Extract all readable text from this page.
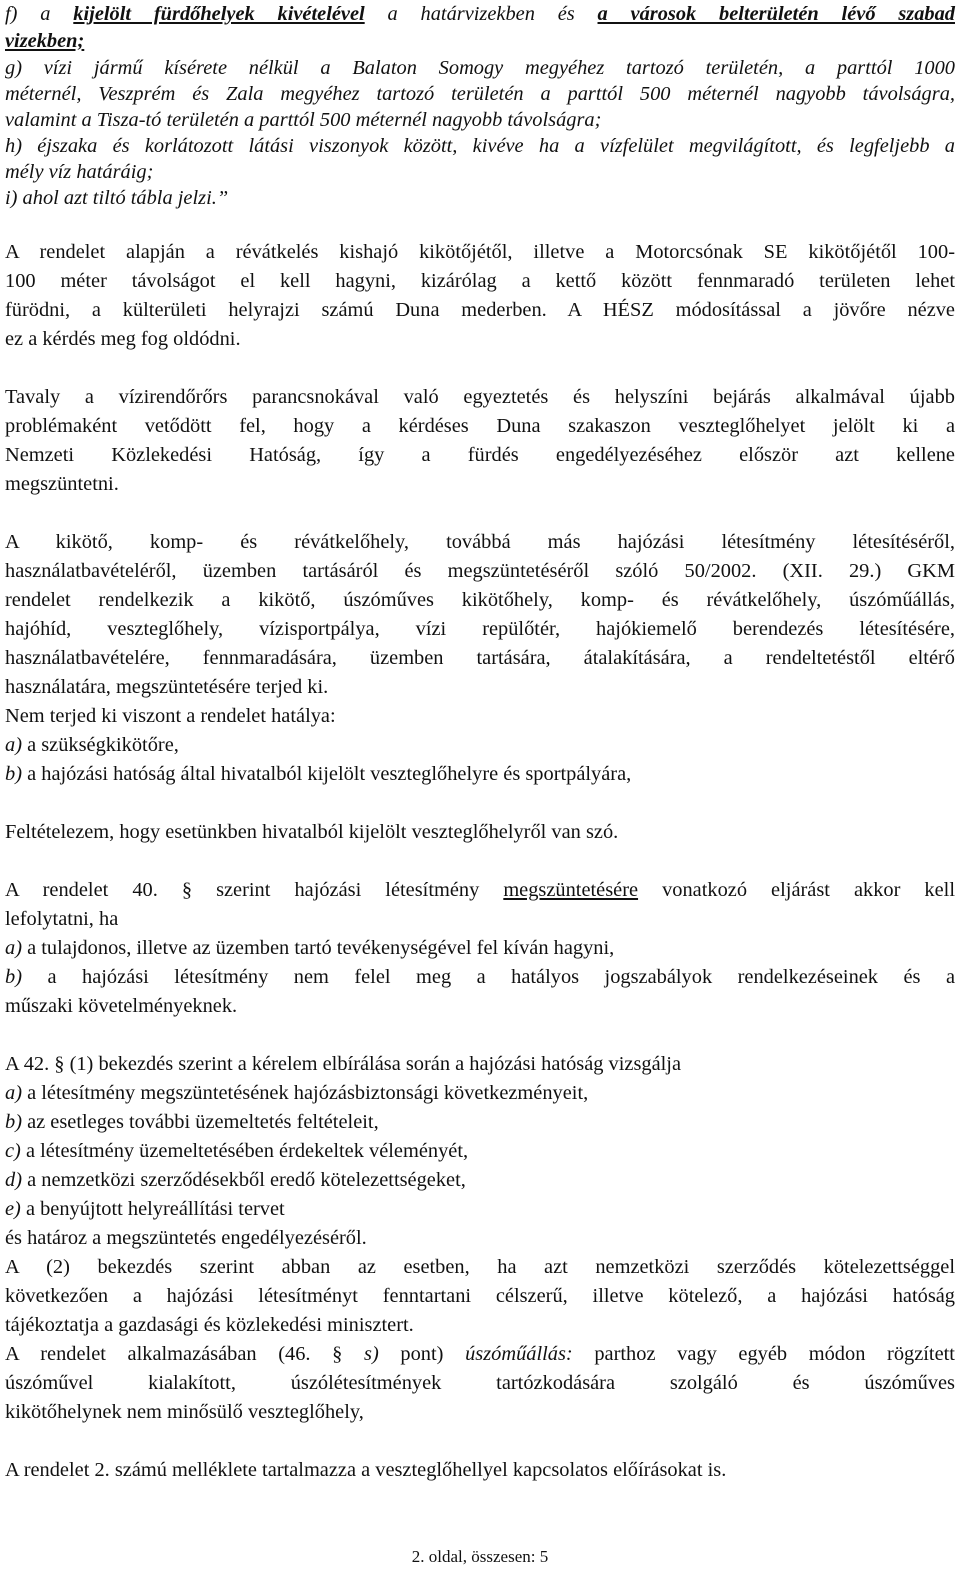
f) a kijelölt fürdőhelyek kivételével a határvizekben és a városok belterületén lévő szabad
vizekben;
g) vízi jármű kísérete nélkül a Balaton Somogy megyéhez tartozó területén, a parttól 1000
méternél, Veszprém és Zala megyéhez tartozó területén a parttól 500 méternél nagyobb távolságra,
valamint a Tisza-tó területén a parttól 500 méternél nagyobb távolságra;
h) éjszaka és korlátozott látási viszonyok között, kivéve ha a vízfelület megvilágított, és legfeljebb a
mély víz határáig;
i) ahol azt tiltó tábla jelzi.”
A rendelet alapján a révátkelés kishajó kikötőjétől, illetve a Motorcsónak SE kikötőjétől 100-
100 méter távolságot el kell hagyni, kizárólag a kettő között fennmaradó területen lehet
fürödni, a külterületi helyrajzi számú Duna mederben. A HÉSZ módosítással a jövőre nézve
ez a kérdés meg fog oldódni.
Tavaly a vízirendőrőrs parancsnokával való egyeztetés és helyszíni bejárás alkalmával újabb
problémaként vetődött fel, hogy a kérdéses Duna szakaszon veszteglőhelyet jelölt ki a
Nemzeti Közlekedési Hatóság, így a fürdés engedélyezéséhez először azt kellene
megszüntetni.
A kikötő, komp- és révátkelőhely, továbbá más hajózási létesítmény létesítéséről,
használatbavételéről, üzemben tartásáról és megszüntetéséről szóló 50/2002. (XII. 29.) GKM
rendelet rendelkezik a kikötő, úszóműves kikötőhely, komp- és révátkelőhely, úszóműállás,
hajóhíd, veszteglőhely, vízisportpálya, vízi repülőtér, hajókiemelő berendezés létesítésére,
használatbavételére, fennmaradására, üzemben tartására, átalakítására, a rendeltetéstől eltérő
használatára, megszüntetésére terjed ki.
Nem terjed ki viszont a rendelet hatálya:
a) a szükségkikötőre,
b) a hajózási hatóság által hivatalból kijelölt veszteglőhelyre és sportpályára,
Feltételezem, hogy esetünkben hivatalból kijelölt veszteglőhelyről van szó.
A rendelet 40. § szerint hajózási létesítmény megszüntetésére vonatkozó eljárást akkor kell
lefolytatni, ha
a) a tulajdonos, illetve az üzemben tartó tevékenységével fel kíván hagyni,
b) a hajózási létesítmény nem felel meg a hatályos jogszabályok rendelkezéseinek és a
műszaki követelményeknek.
A 42. § (1) bekezdés szerint a kérelem elbírálása során a hajózási hatóság vizsgálja
a) a létesítmény megszüntetésének hajózásbiztonsági következményeit,
b) az esetleges további üzemeltetés feltételeit,
c) a létesítmény üzemeltetésében érdekeltek véleményét,
d) a nemzetközi szerződésekből eredő kötelezettségeket,
e) a benyújtott helyreállítási tervet
és határoz a megszüntetés engedélyezéséről.
A (2) bekezdés szerint abban az esetben, ha azt nemzetközi szerződés kötelezettséggel
következően a hajózási létesítményt fenntartani célszerű, illetve kötelező, a hajózási hatóság
tájékoztatja a gazdasági és közlekedési minisztert.
A rendelet alkalmazásában (46. § s) pont) úszóműállás: parthoz vagy egyéb módon rögzített
úszóművel kialakított, úszólétesítmények tartózkodására szolgáló és úszóműves
kikötőhelynek nem minősülő veszteglőhely,
A rendelet 2. számú melléklete tartalmazza a veszteglőhellyel kapcsolatos előírásokat is.
2. oldal, összesen: 5
